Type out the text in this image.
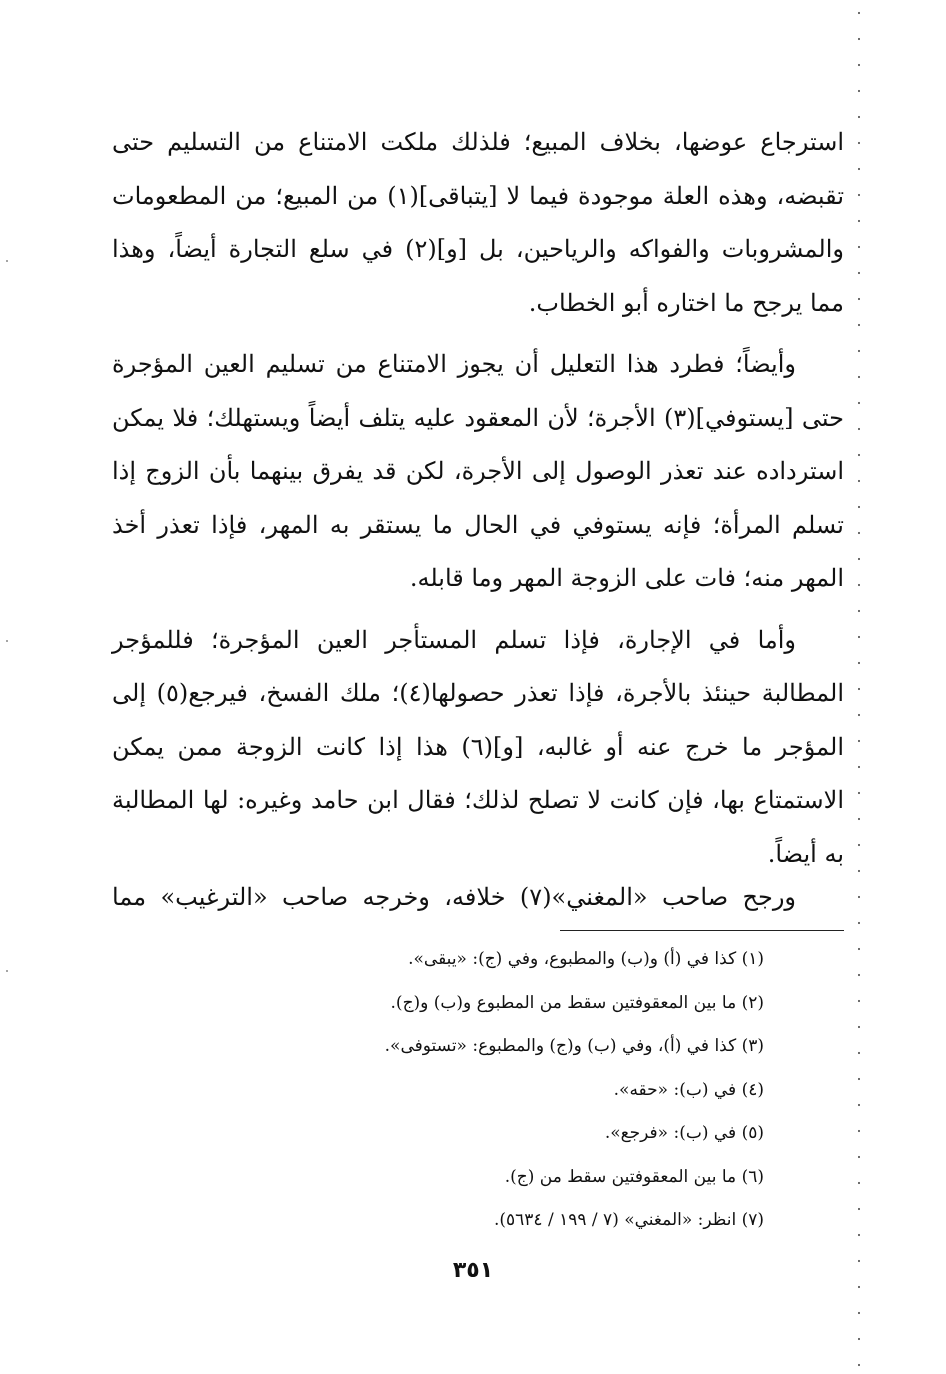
استرجاع عوضها، بخلاف المبيع؛ فلذلك ملكت الامتناع من التسليم حتى تقبضه، وهذه العلة موجودة فيما لا [يتباقى](١) من المبيع؛ من المطعومات والمشروبات والفواكه والرياحين، بل [و](٢) في سلع التجارة أيضاً، وهذا مما يرجح ما اختاره أبو الخطاب.

وأيضاً؛ فطرد هذا التعليل أن يجوز الامتناع من تسليم العين المؤجرة حتى [يستوفي](٣) الأجرة؛ لأن المعقود عليه يتلف أيضاً ويستهلك؛ فلا يمكن استرداده عند تعذر الوصول إلى الأجرة، لكن قد يفرق بينهما بأن الزوج إذا تسلم المرأة؛ فإنه يستوفي في الحال ما يستقر به المهر، فإذا تعذر أخذ المهر منه؛ فات على الزوجة المهر وما قابله.

وأما في الإجارة، فإذا تسلم المستأجر العين المؤجرة؛ فللمؤجر المطالبة حينئذ بالأجرة، فإذا تعذر حصولها(٤)؛ ملك الفسخ، فيرجع(٥) إلى المؤجر ما خرج عنه أو غالبه، [و](٦) هذا إذا كانت الزوجة ممن يمكن الاستمتاع بها، فإن كانت لا تصلح لذلك؛ فقال ابن حامد وغيره: لها المطالبة به أيضاً.

ورجح صاحب «المغني»(٧) خلافه، وخرجه صاحب «الترغيب» مما
(١) كذا في (أ) و(ب) والمطبوع، وفي (ج): «يبقى».
(٢) ما بين المعقوفتين سقط من المطبوع و(ب) و(ج).
(٣) كذا في (أ)، وفي (ب) و(ج) والمطبوع: «تستوفى».
(٤) في (ب): «حقه».
(٥) في (ب): «فرجع».
(٦) ما بين المعقوفتين سقط من (ج).
(٧) انظر: «المغني» (٧ / ١٩٩ / ٥٦٣٤).
٣٥١
